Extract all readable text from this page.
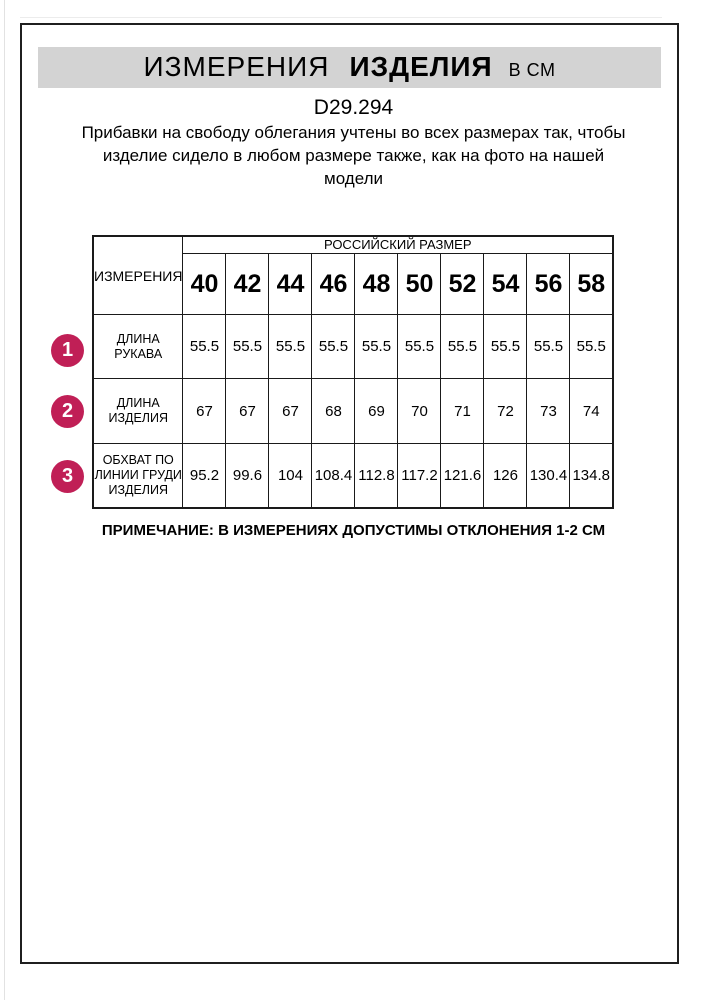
ИЗМЕРЕНИЯ ИЗДЕЛИЯ В СМ
D29.294
Прибавки на свободу облегания учтены во всех размерах так, чтобы изделие сидело в любом размере также, как на фото на нашей модели
ИЗМЕРЕНИЯ	РОССИЙСКИЙ РАЗМЕР									
	40	42	44	46	48	50	52	54	56	58
ДЛИНА РУКАВА	55.5	55.5	55.5	55.5	55.5	55.5	55.5	55.5	55.5	55.5
ДЛИНА ИЗДЕЛИЯ	67	67	67	68	69	70	71	72	73	74
ОБХВАТ ПО ЛИНИИ ГРУДИ ИЗДЕЛИЯ	95.2	99.6	104	108.4	112.8	117.2	121.6	126	130.4	134.8
1
2
3
ПРИМЕЧАНИЕ: В ИЗМЕРЕНИЯХ ДОПУСТИМЫ ОТКЛОНЕНИЯ 1-2 СМ
